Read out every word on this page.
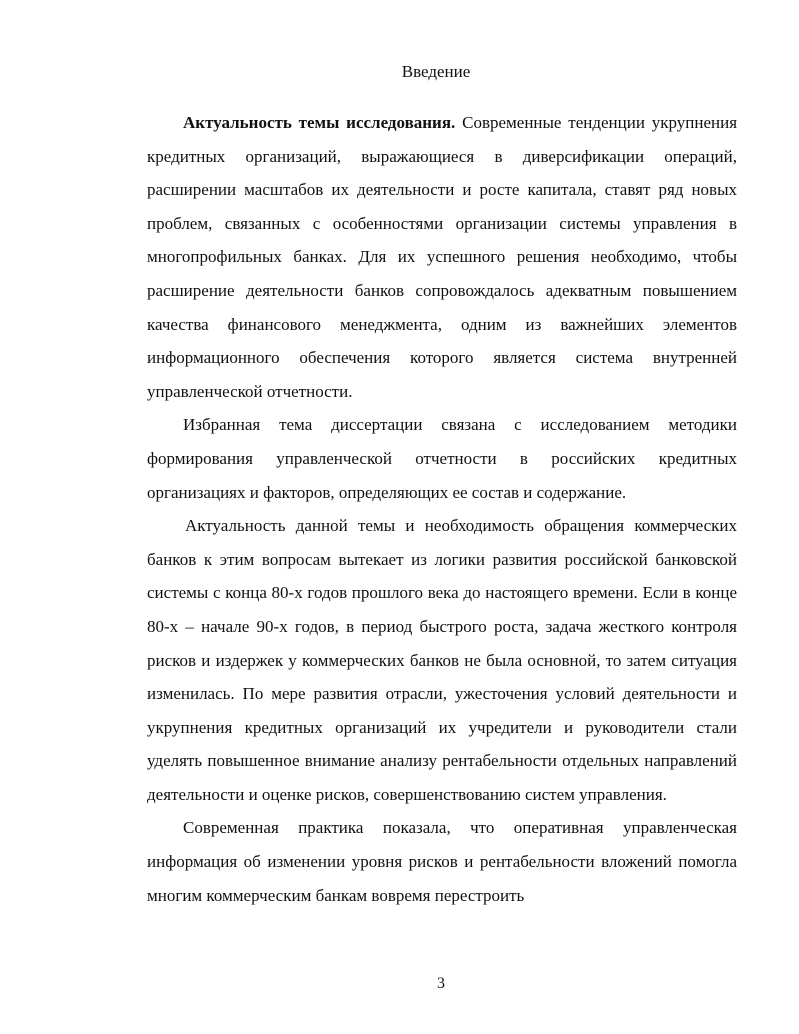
Введение

Актуальность темы исследования. Современные тенденции укрупнения кредитных организаций, выражающиеся в диверсификации операций, расширении масштабов их деятельности и росте капитала, ставят ряд новых проблем, связанных с особенностями организации системы управления в многопрофильных банках. Для их успешного решения необходимо, чтобы расширение деятельности банков сопровождалось адекватным повышением качества финансового менеджмента, одним из важнейших элементов информационного обеспечения которого является система внутренней управленческой отчетности.

Избранная тема диссертации связана с исследованием методики формирования управленческой отчетности в российских кредитных организациях и факторов, определяющих ее состав и содержание.

Актуальность данной темы и необходимость обращения коммерческих банков к этим вопросам вытекает из логики развития российской банковской системы с конца 80-х годов прошлого века до настоящего времени. Если в конце 80-х – начале 90-х годов, в период быстрого роста, задача жесткого контроля рисков и издержек у коммерческих банков не была основной, то затем ситуация изменилась. По мере развития отрасли, ужесточения условий деятельности и укрупнения кредитных организаций их учредители и руководители стали уделять повышенное внимание анализу рентабельности отдельных направлений деятельности и оценке рисков, совершенствованию систем управления.

Современная практика показала, что оперативная управленческая информация об изменении уровня рисков и рентабельности вложений помогла многим коммерческим банкам вовремя перестроить

3
